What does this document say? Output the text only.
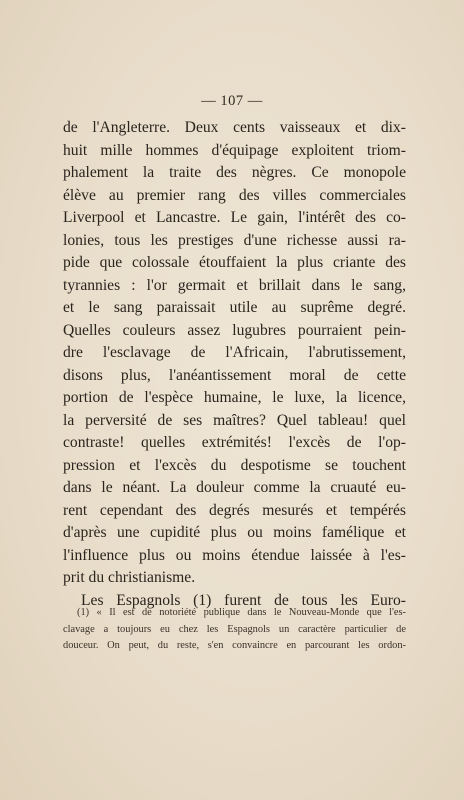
— 107 —
de l'Angleterre. Deux cents vaisseaux et dix-
huit mille hommes d'équipage exploitent triom-
phalement la traite des nègres. Ce monopole
élève au premier rang des villes commerciales
Liverpool et Lancastre. Le gain, l'intérêt des co-
lonies, tous les prestiges d'une richesse aussi ra-
pide que colossale étouffaient la plus criante des
tyrannies : l'or germait et brillait dans le sang,
et le sang paraissait utile au suprême degré.
Quelles couleurs assez lugubres pourraient pein-
dre l'esclavage de l'Africain, l'abrutissement,
disons plus, l'anéantissement moral de cette
portion de l'espèce humaine, le luxe, la licence,
la perversité de ses maîtres? Quel tableau! quel
contraste! quelles extrémités! l'excès de l'op-
pression et l'excès du despotisme se touchent
dans le néant. La douleur comme la cruauté eu-
rent cependant des degrés mesurés et tempérés
d'après une cupidité plus ou moins famélique et
l'influence plus ou moins étendue laissée à l'es-
prit du christianisme.
Les Espagnols (1) furent de tous les Euro-
(1) « Il est de notoriété publique dans le Nouveau-Monde que l'es-
clavage a toujours eu chez les Espagnols un caractère particulier de
douceur. On peut, du reste, s'en convaincre en parcourant les ordon-
